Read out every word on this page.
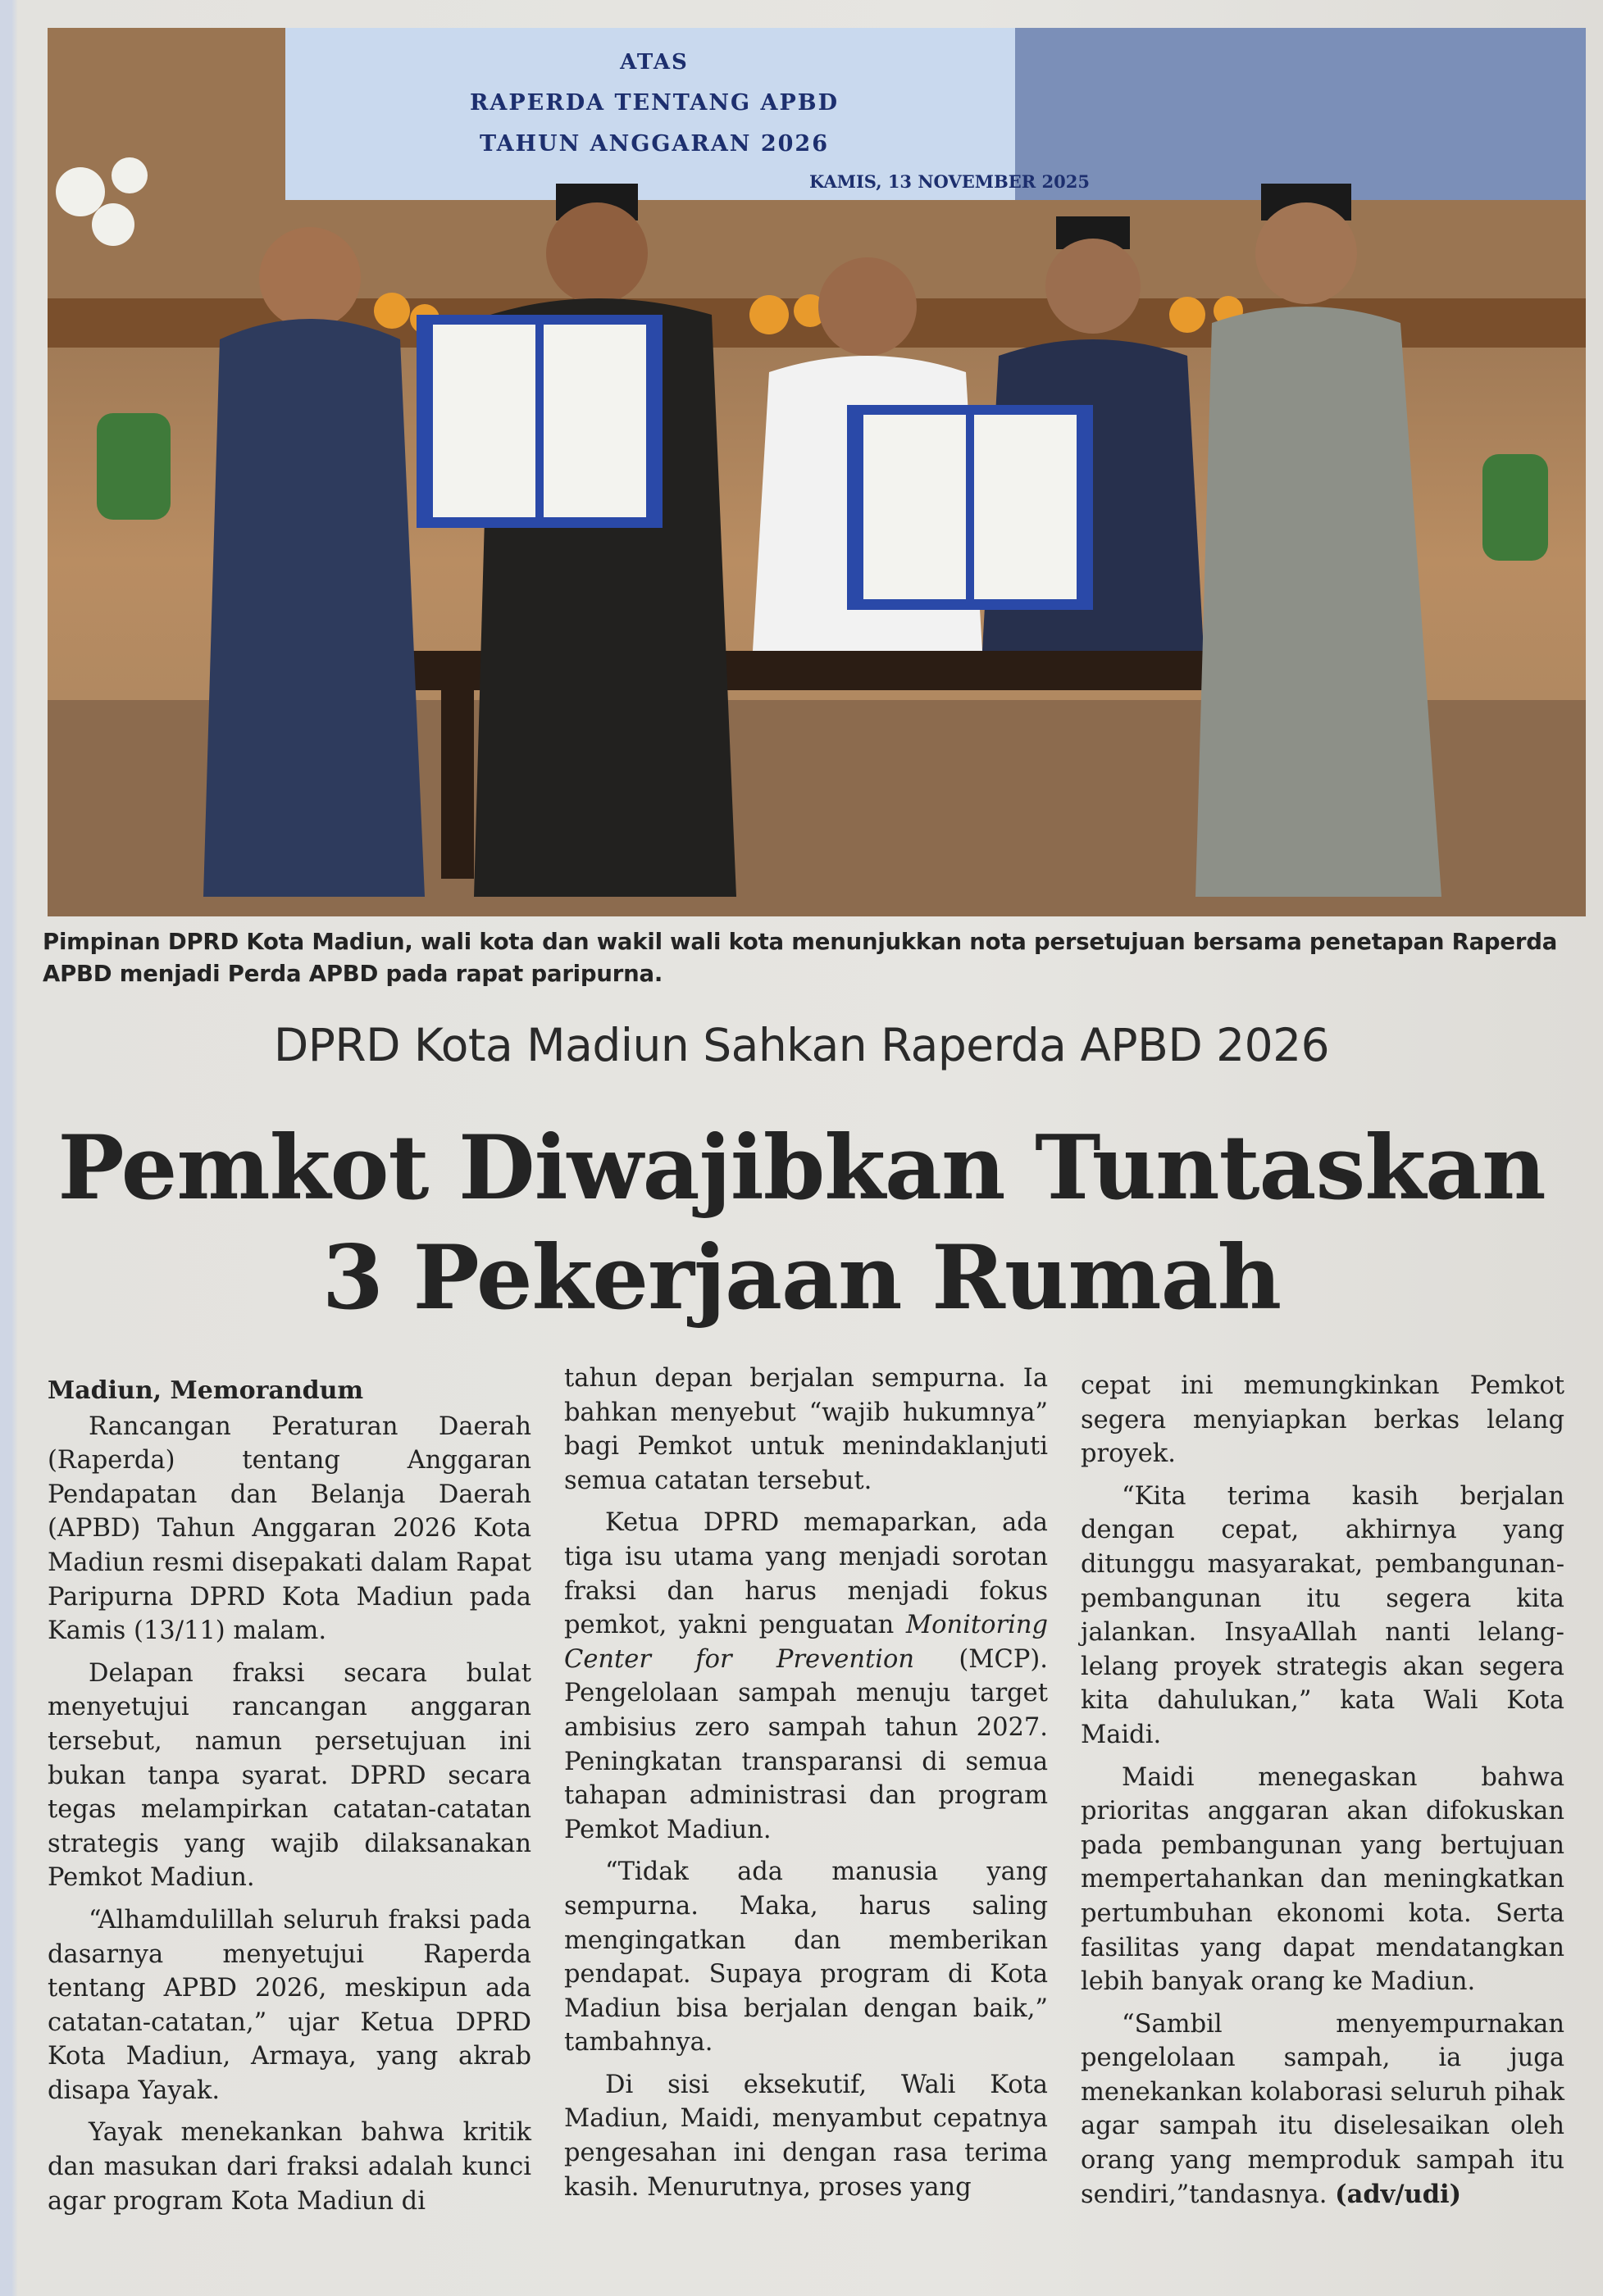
ATAS
RAPERDA TENTANG APBD
TAHUN ANGGARAN 2026
KAMIS, 13 NOVEMBER 2025
Pimpinan DPRD Kota Madiun, wali kota dan wakil wali kota menunjukkan nota persetujuan bersama penetapan Raperda APBD menjadi Perda APBD pada rapat paripurna.
DPRD Kota Madiun Sahkan Raperda APBD 2026
Pemkot Diwajibkan Tuntaskan
3 Pekerjaan Rumah
Madiun, Memorandum

Rancangan Peraturan Daerah (Raperda) tentang Anggaran Pendapatan dan Belanja Daerah (APBD) Tahun Anggaran 2026 Kota Madiun resmi disepakati dalam Rapat Paripurna DPRD Kota Madiun pada Kamis (13/11) malam.

Delapan fraksi secara bulat menyetujui rancangan anggaran tersebut, namun persetujuan ini bukan tanpa syarat. DPRD secara tegas melampirkan catatan-catatan strategis yang wajib dilaksanakan Pemkot Madiun.

“Alhamdulillah seluruh fraksi pada dasarnya menyetujui Raperda tentang APBD 2026, meskipun ada catatan-catatan,” ujar Ketua DPRD Kota Madiun, Armaya, yang akrab disapa Yayak.

Yayak menekankan bahwa kritik dan masukan dari fraksi adalah kunci agar program Kota Madiun di

tahun depan berjalan sempurna. Ia bahkan menyebut “wajib hukumnya” bagi Pemkot untuk menindaklanjuti semua catatan tersebut.

Ketua DPRD memaparkan, ada tiga isu utama yang menjadi sorotan fraksi dan harus menjadi fokus pemkot, yakni penguatan Monitoring Center for Prevention (MCP). Pengelolaan sampah menuju target ambisius zero sampah tahun 2027. Peningkatan transparansi di semua tahapan administrasi dan program Pemkot Madiun.

“Tidak ada manusia yang sempurna. Maka, harus saling mengingatkan dan memberikan pendapat. Supaya program di Kota Madiun bisa berjalan dengan baik,” tambahnya.

Di sisi eksekutif, Wali Kota Madiun, Maidi, menyambut cepatnya pengesahan ini dengan rasa terima kasih. Menurutnya, proses yang

cepat ini memungkinkan Pemkot segera menyiapkan berkas lelang proyek.

“Kita terima kasih berjalan dengan cepat, akhirnya yang ditunggu masyarakat, pembangunan-pembangunan itu segera kita jalankan. InsyaAllah nanti lelang-lelang proyek strategis akan segera kita dahulukan,” kata Wali Kota Maidi.

Maidi menegaskan bahwa prioritas anggaran akan difokuskan pada pembangunan yang bertujuan mempertahankan dan meningkatkan pertumbuhan ekonomi kota. Serta fasilitas yang dapat mendatangkan lebih banyak orang ke Madiun.

“Sambil menyempurnakan pengelolaan sampah, ia juga menekankan kolaborasi seluruh pihak agar sampah itu diselesaikan oleh orang yang memproduk sampah itu sendiri,”tandasnya. (adv/udi)
